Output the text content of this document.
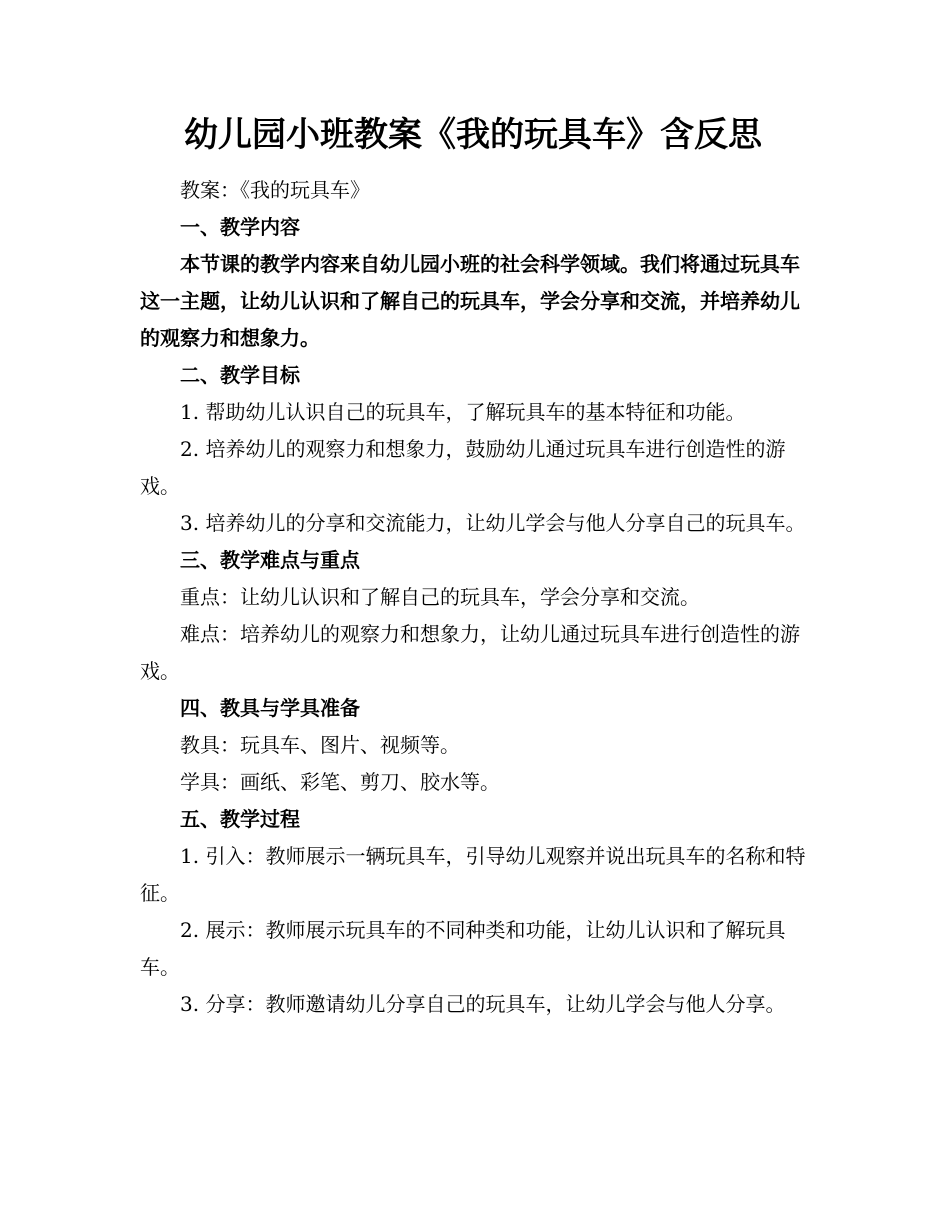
幼儿园小班教案《我的玩具车》含反思

教案：《我的玩具车》

一、教学内容

本节课的教学内容来自幼儿园小班的社会科学领域。我们将通过玩具车这一主题，让幼儿认识和了解自己的玩具车，学会分享和交流，并培养幼儿的观察力和想象力。

二、教学目标

1. 帮助幼儿认识自己的玩具车，了解玩具车的基本特征和功能。

2. 培养幼儿的观察力和想象力，鼓励幼儿通过玩具车进行创造性的游戏。

3. 培养幼儿的分享和交流能力，让幼儿学会与他人分享自己的玩具车。

三、教学难点与重点

重点：让幼儿认识和了解自己的玩具车，学会分享和交流。

难点：培养幼儿的观察力和想象力，让幼儿通过玩具车进行创造性的游戏。

四、教具与学具准备

教具：玩具车、图片、视频等。

学具：画纸、彩笔、剪刀、胶水等。

五、教学过程

1. 引入：教师展示一辆玩具车，引导幼儿观察并说出玩具车的名称和特征。

2. 展示：教师展示玩具车的不同种类和功能，让幼儿认识和了解玩具车。

3. 分享：教师邀请幼儿分享自己的玩具车，让幼儿学会与他人分享。
